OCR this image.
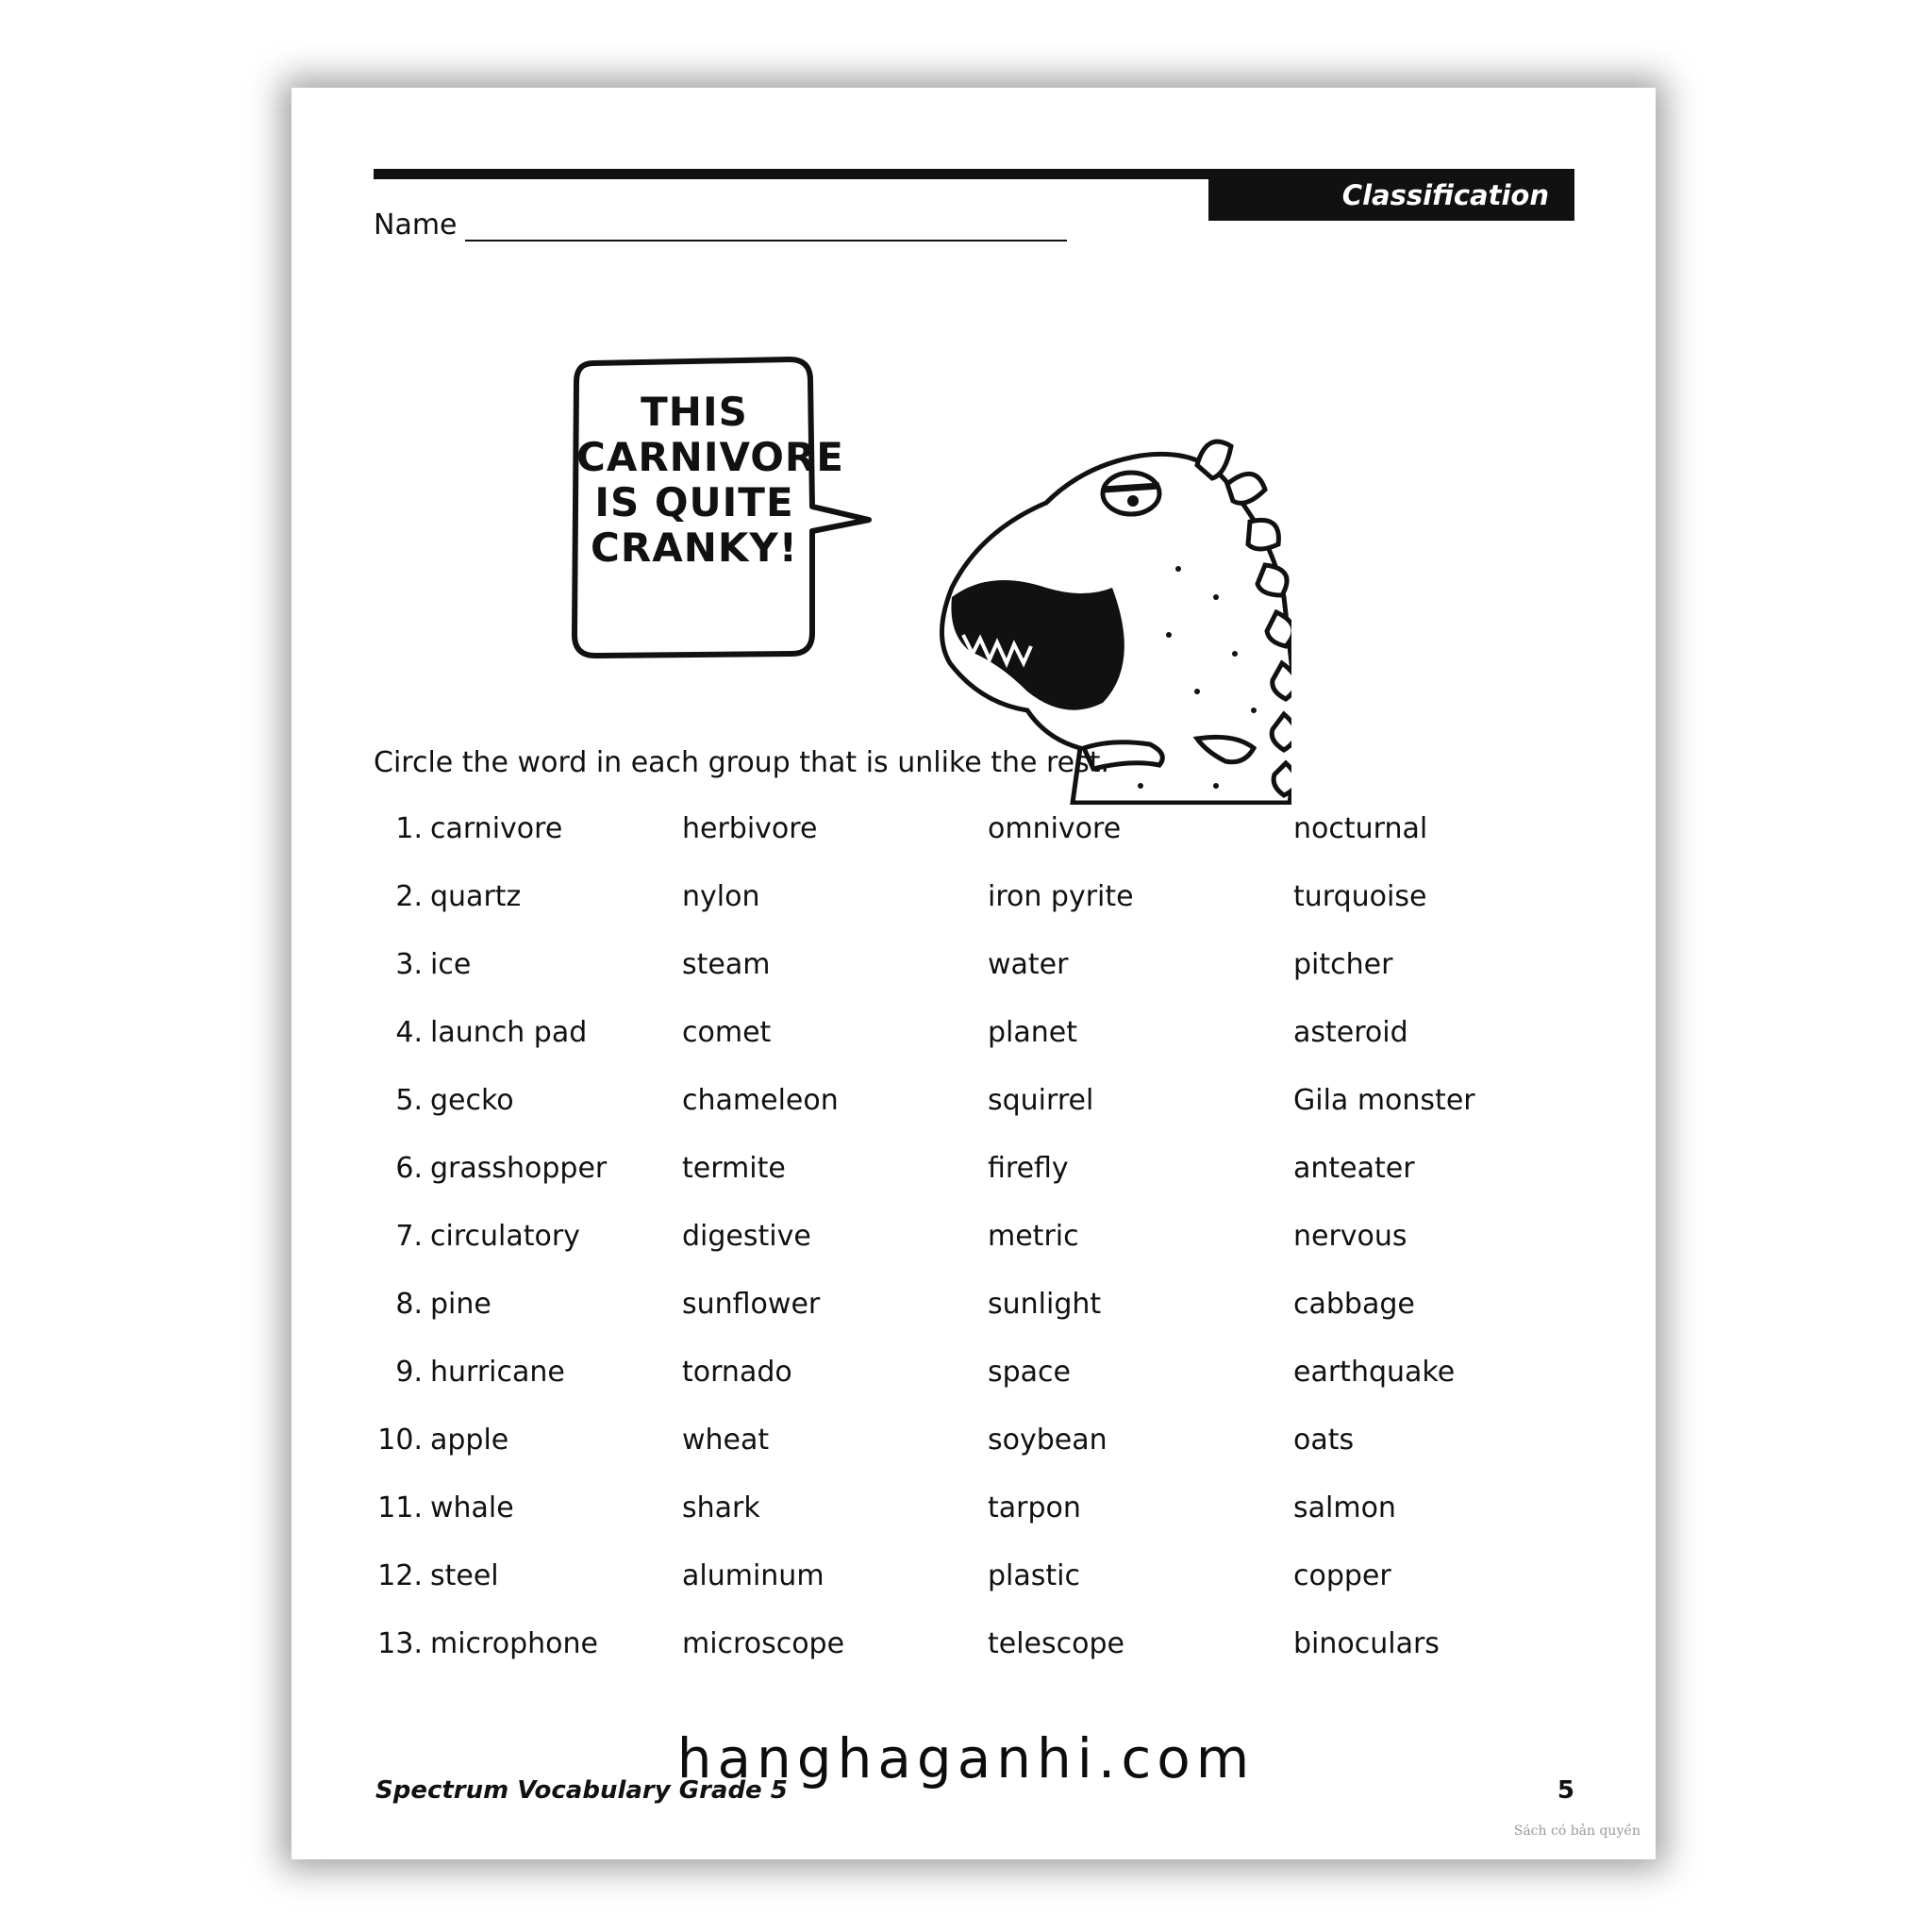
Classification
Name
THIS
CARNIVORE
IS QUITE
CRANKY!
Circle the word in each group that is unlike the rest.
1. carnivore	herbivore	omnivore	nocturnal
2. quartz	nylon	iron pyrite	turquoise
3. ice	steam	water	pitcher
4. launch pad	comet	planet	asteroid
5. gecko	chameleon	squirrel	Gila monster
6. grasshopper	termite	firefly	anteater
7. circulatory	digestive	metric	nervous
8. pine	sunflower	sunlight	cabbage
9. hurricane	tornado	space	earthquake
10. apple	wheat	soybean	oats
11. whale	shark	tarpon	salmon
12. steel	aluminum	plastic	copper
13. microphone	microscope	telescope	binoculars
Spectrum Vocabulary Grade 5	5
Sách có bản quyền
hanghaganhi.com
